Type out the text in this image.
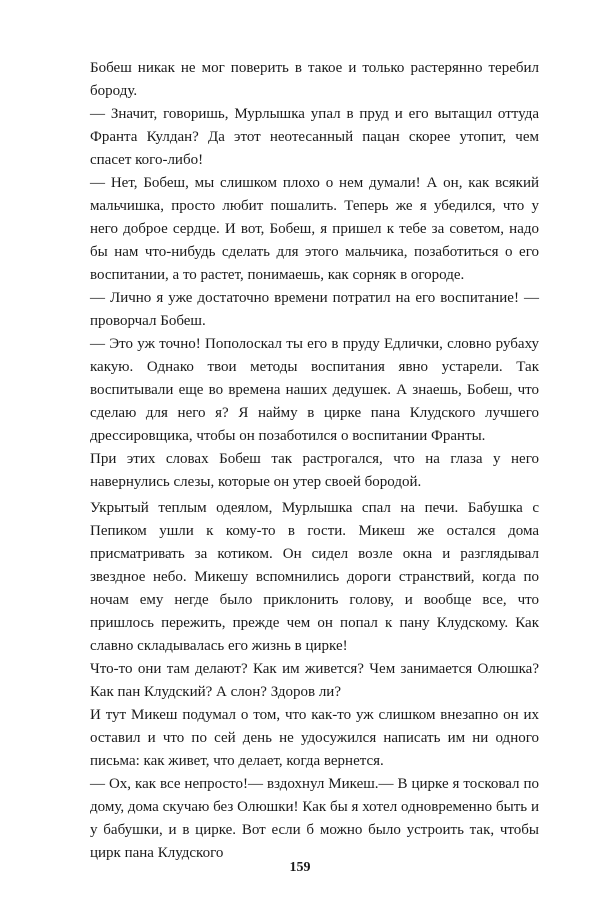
Бобеш никак не мог поверить в такое и только растерянно теребил бороду.

— Значит, говоришь, Мурлышка упал в пруд и его вытащил оттуда Франта Кулдан? Да этот неотесанный пацан скорее утопит, чем спасет кого-либо!

— Нет, Бобеш, мы слишком плохо о нем думали! А он, как всякий мальчишка, просто любит пошалить. Теперь же я убедился, что у него доброе сердце. И вот, Бобеш, я пришел к тебе за советом, надо бы нам что-нибудь сделать для этого мальчика, позаботиться о его воспитании, а то растет, понимаешь, как сорняк в огороде.

— Лично я уже достаточно времени потратил на его воспитание! — проворчал Бобеш.

— Это уж точно! Пополоскал ты его в пруду Едлички, словно рубаху какую. Однако твои методы воспитания явно устарели. Так воспитывали еще во времена наших дедушек. А знаешь, Бобеш, что сделаю для него я? Я найму в цирке пана Клудского лучшего дрессировщика, чтобы он позаботился о воспитании Франты.

При этих словах Бобеш так растрогался, что на глаза у него навернулись слезы, которые он утер своей бородой.

Укрытый теплым одеялом, Мурлышка спал на печи. Бабушка с Пепиком ушли к кому-то в гости. Микеш же остался дома присматривать за котиком. Он сидел возле окна и разглядывал звездное небо. Микешу вспомнились дороги странствий, когда по ночам ему негде было приклонить голову, и вообще все, что пришлось пережить, прежде чем он попал к пану Клудскому. Как славно складывалась его жизнь в цирке!

Что-то они там делают? Как им живется? Чем занимается Олюшка? Как пан Клудский? А слон? Здоров ли?

И тут Микеш подумал о том, что как-то уж слишком внезапно он их оставил и что по сей день не удосужился написать им ни одного письма: как живет, что делает, когда вернется.

— Ох, как все непросто!— вздохнул Микеш.— В цирке я тосковал по дому, дома скучаю без Олюшки! Как бы я хотел одновременно быть и у бабушки, и в цирке. Вот если б можно было устроить так, чтобы цирк пана Клудского

159
